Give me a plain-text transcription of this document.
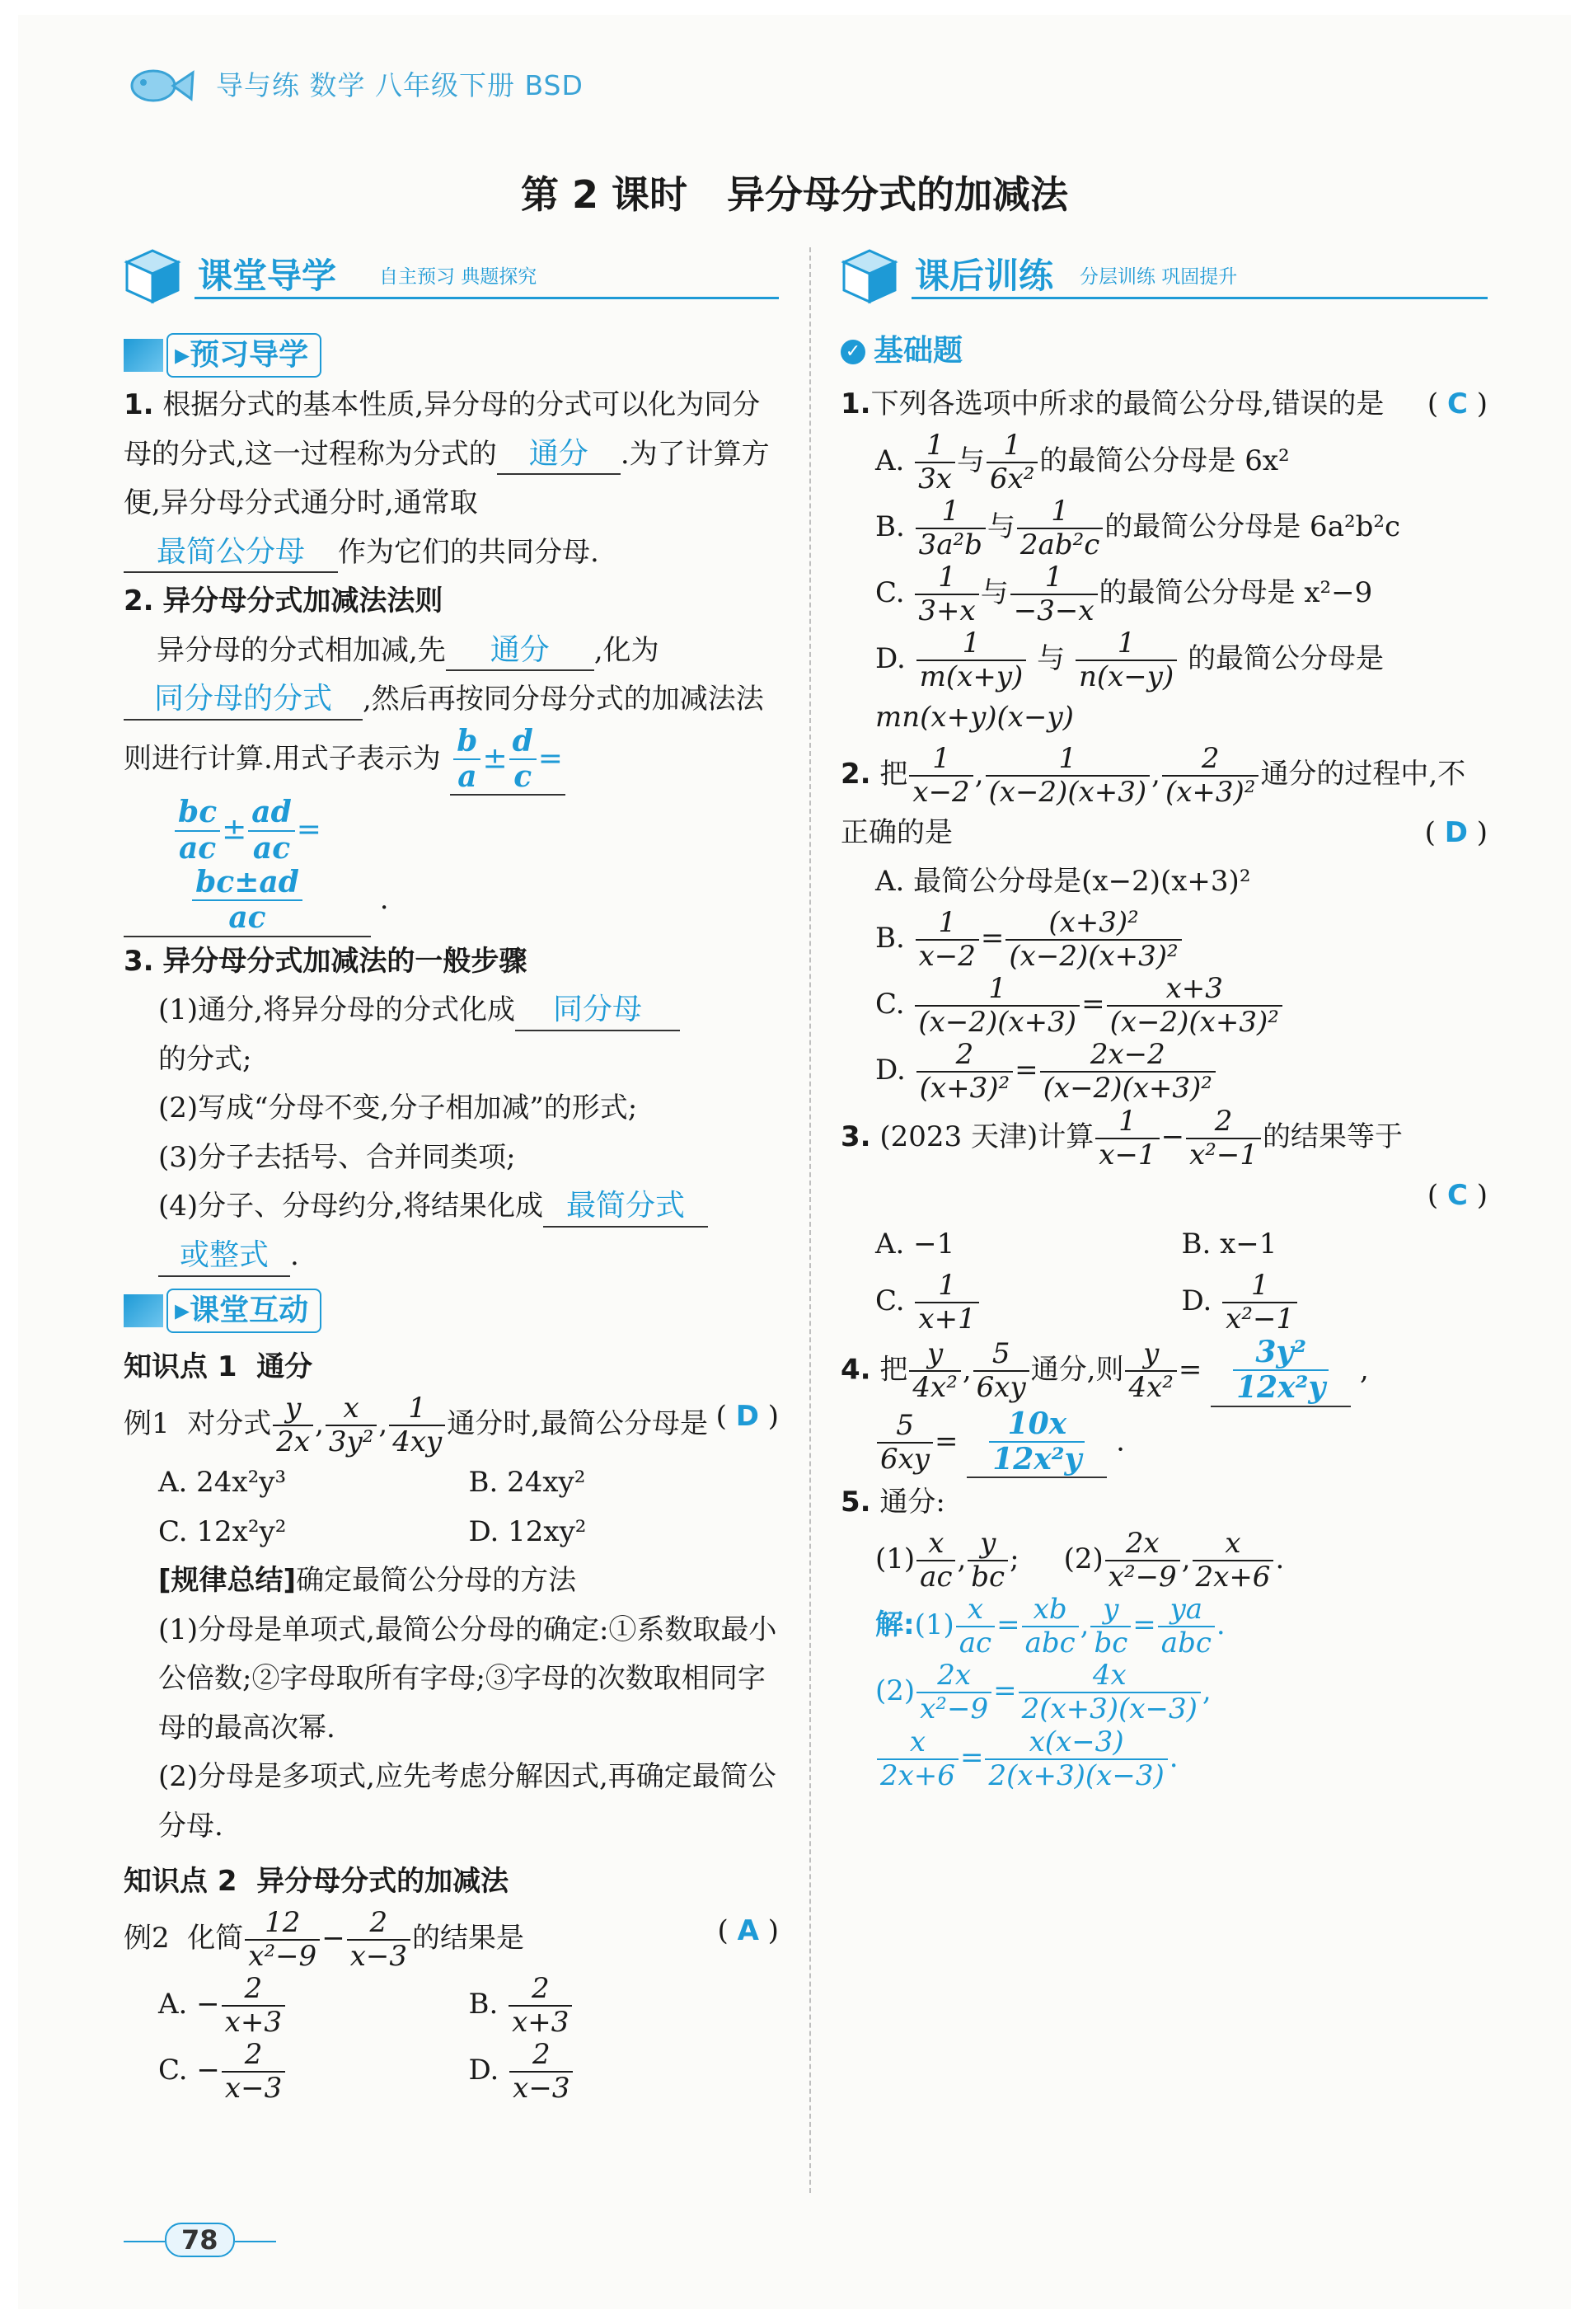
导与练 数学 八年级下册 BSD
第 2 课时 异分母分式的加减法
课堂导学 自主预习 典题探究
▸预习导学

1. 根据分式的基本性质,异分母的分式可以化为同分母的分式,这一过程称为分式的 通分 .为了计算方便,异分母分式通分时,通常取
最简公分母 作为它们的共同分母.

2. 异分母分式加减法法则
异分母的分式相加减,先 通分 ,化为
同分母的分式 ,然后再按同分母分式的加减法法则进行计算.用式子表示为 $\frac{b}{a} \pm \frac{d}{c}$ =

$\frac{bc}{ac} \pm \frac{ad}{ac}$ =
$\frac{bc\pm ad}{ac}$ .

3. 异分母分式加减法的一般步骤

(1)通分,将异分母的分式化成 同分母
的分式;

(2)写成“分母不变,分子相加减”的形式;

(3)分子去括号、合并同类项;

(4)分子、分母约分,将结果化成 最简分式
或整式 .

▸课堂互动

知识点 1 通分

例1 对分式 $\frac{y}{2x}$ , $\frac{x}{\text{3y²}}$ , $\frac{1}{4xy}$ 通分时,最简公分母是 ( D )

A. 24x²y³	B. 24xy²
C. 12x²y²	D. 12xy²

[规律总结]确定最简公分母的方法

(1)分母是单项式,最简公分母的确定:①系数取最小公倍数;②字母取所有字母;③字母的次数取相同字母的最高次幂.

(2)分母是多项式,应先考虑分解因式,再确定最简公分母.

知识点 2 异分母分式的加减法

例2 化简 $\frac{12}{\text{x²−9}} - \frac{2}{x-3}$ 的结果是	( A )

A. − $\frac{2}{x+3}$	B. $\frac{2}{x+3}$
C. − $\frac{2}{x-3}$	D. $\frac{2}{x-3}$
课后训练 分层训练 巩固提升
✓ 基础题

1.下列各选项中所求的最简公分母,错误的是 ( C )

A. $\frac{1}{3x}$ 与 $\frac{1}{\text{6x²}}$ 的最简公分母是 6x²

B. $\frac{1}{\text{3a²b}}$ 与 $\frac{1}{\text{2ab²c}}$ 的最简公分母是 6a²b²c

C. $\frac{1}{3+x}$ 与 $\frac{1}{-3-x}$ 的最简公分母是 x²−9

D. $\frac{1}{m(x+y)}$ 与 $\frac{1}{n(x-y)}$ 的最简公分母是
mn(x+y)(x−y)

2. 把 $\frac{1}{x-2}$ , $\frac{1}{(x-2)(x+3)}$ , $\frac{2}{\text{(x+3)²}}$ 通分的过程中,不正确的是	( D )

A. 最简公分母是(x−2)(x+3)²

B. $\frac{1}{x-2} = \frac{\text{(x+3)²}}{\text{(x−2)(x+3)²}}$

C. $\frac{1}{(x-2)(x+3)} = \frac{x+3}{\text{(x−2)(x+3)²}}$

D. $\frac{2}{\text{(x+3)²}} = \frac{2x-2}{\text{(x−2)(x+3)²}}$

3. (2023 天津)计算 $\frac{1}{x-1} - \frac{2}{\text{x²−1}}$ 的结果等于

( C )

A. −1	B. x−1
C. $\frac{1}{x+1}$	D. $\frac{1}{\text{x²−1}}$

4. 把 $\frac{y}{\text{4x²}}$ , $\frac{5}{6xy}$ 通分,则 $\frac{y}{\text{4x²}} = \frac{\text{3y²}}{\text{12x²y}}$ ,

$\frac{5}{6xy} = \frac{10x}{\text{12x²y}}$ .

5. 通分:

$(1) \frac{x}{ac}$ , $\frac{y}{bc}$ ;     $(2) \frac{2x}{\text{x²−9}}$ , $\frac{x}{2x+6}$ .

解:(1) $\frac{x}{ac} = \frac{xb}{\text{abc}}$ , $\frac{y}{bc} = \frac{ya}{\text{abc}}$ .

$(2) \frac{2x}{\text{x²−9}} = \frac{4x}{2(x+3)(x-3)}$ ,

$\frac{x}{2x+6} = \frac{x(x-3)}{2(x+3)(x-3)}$ .

78
